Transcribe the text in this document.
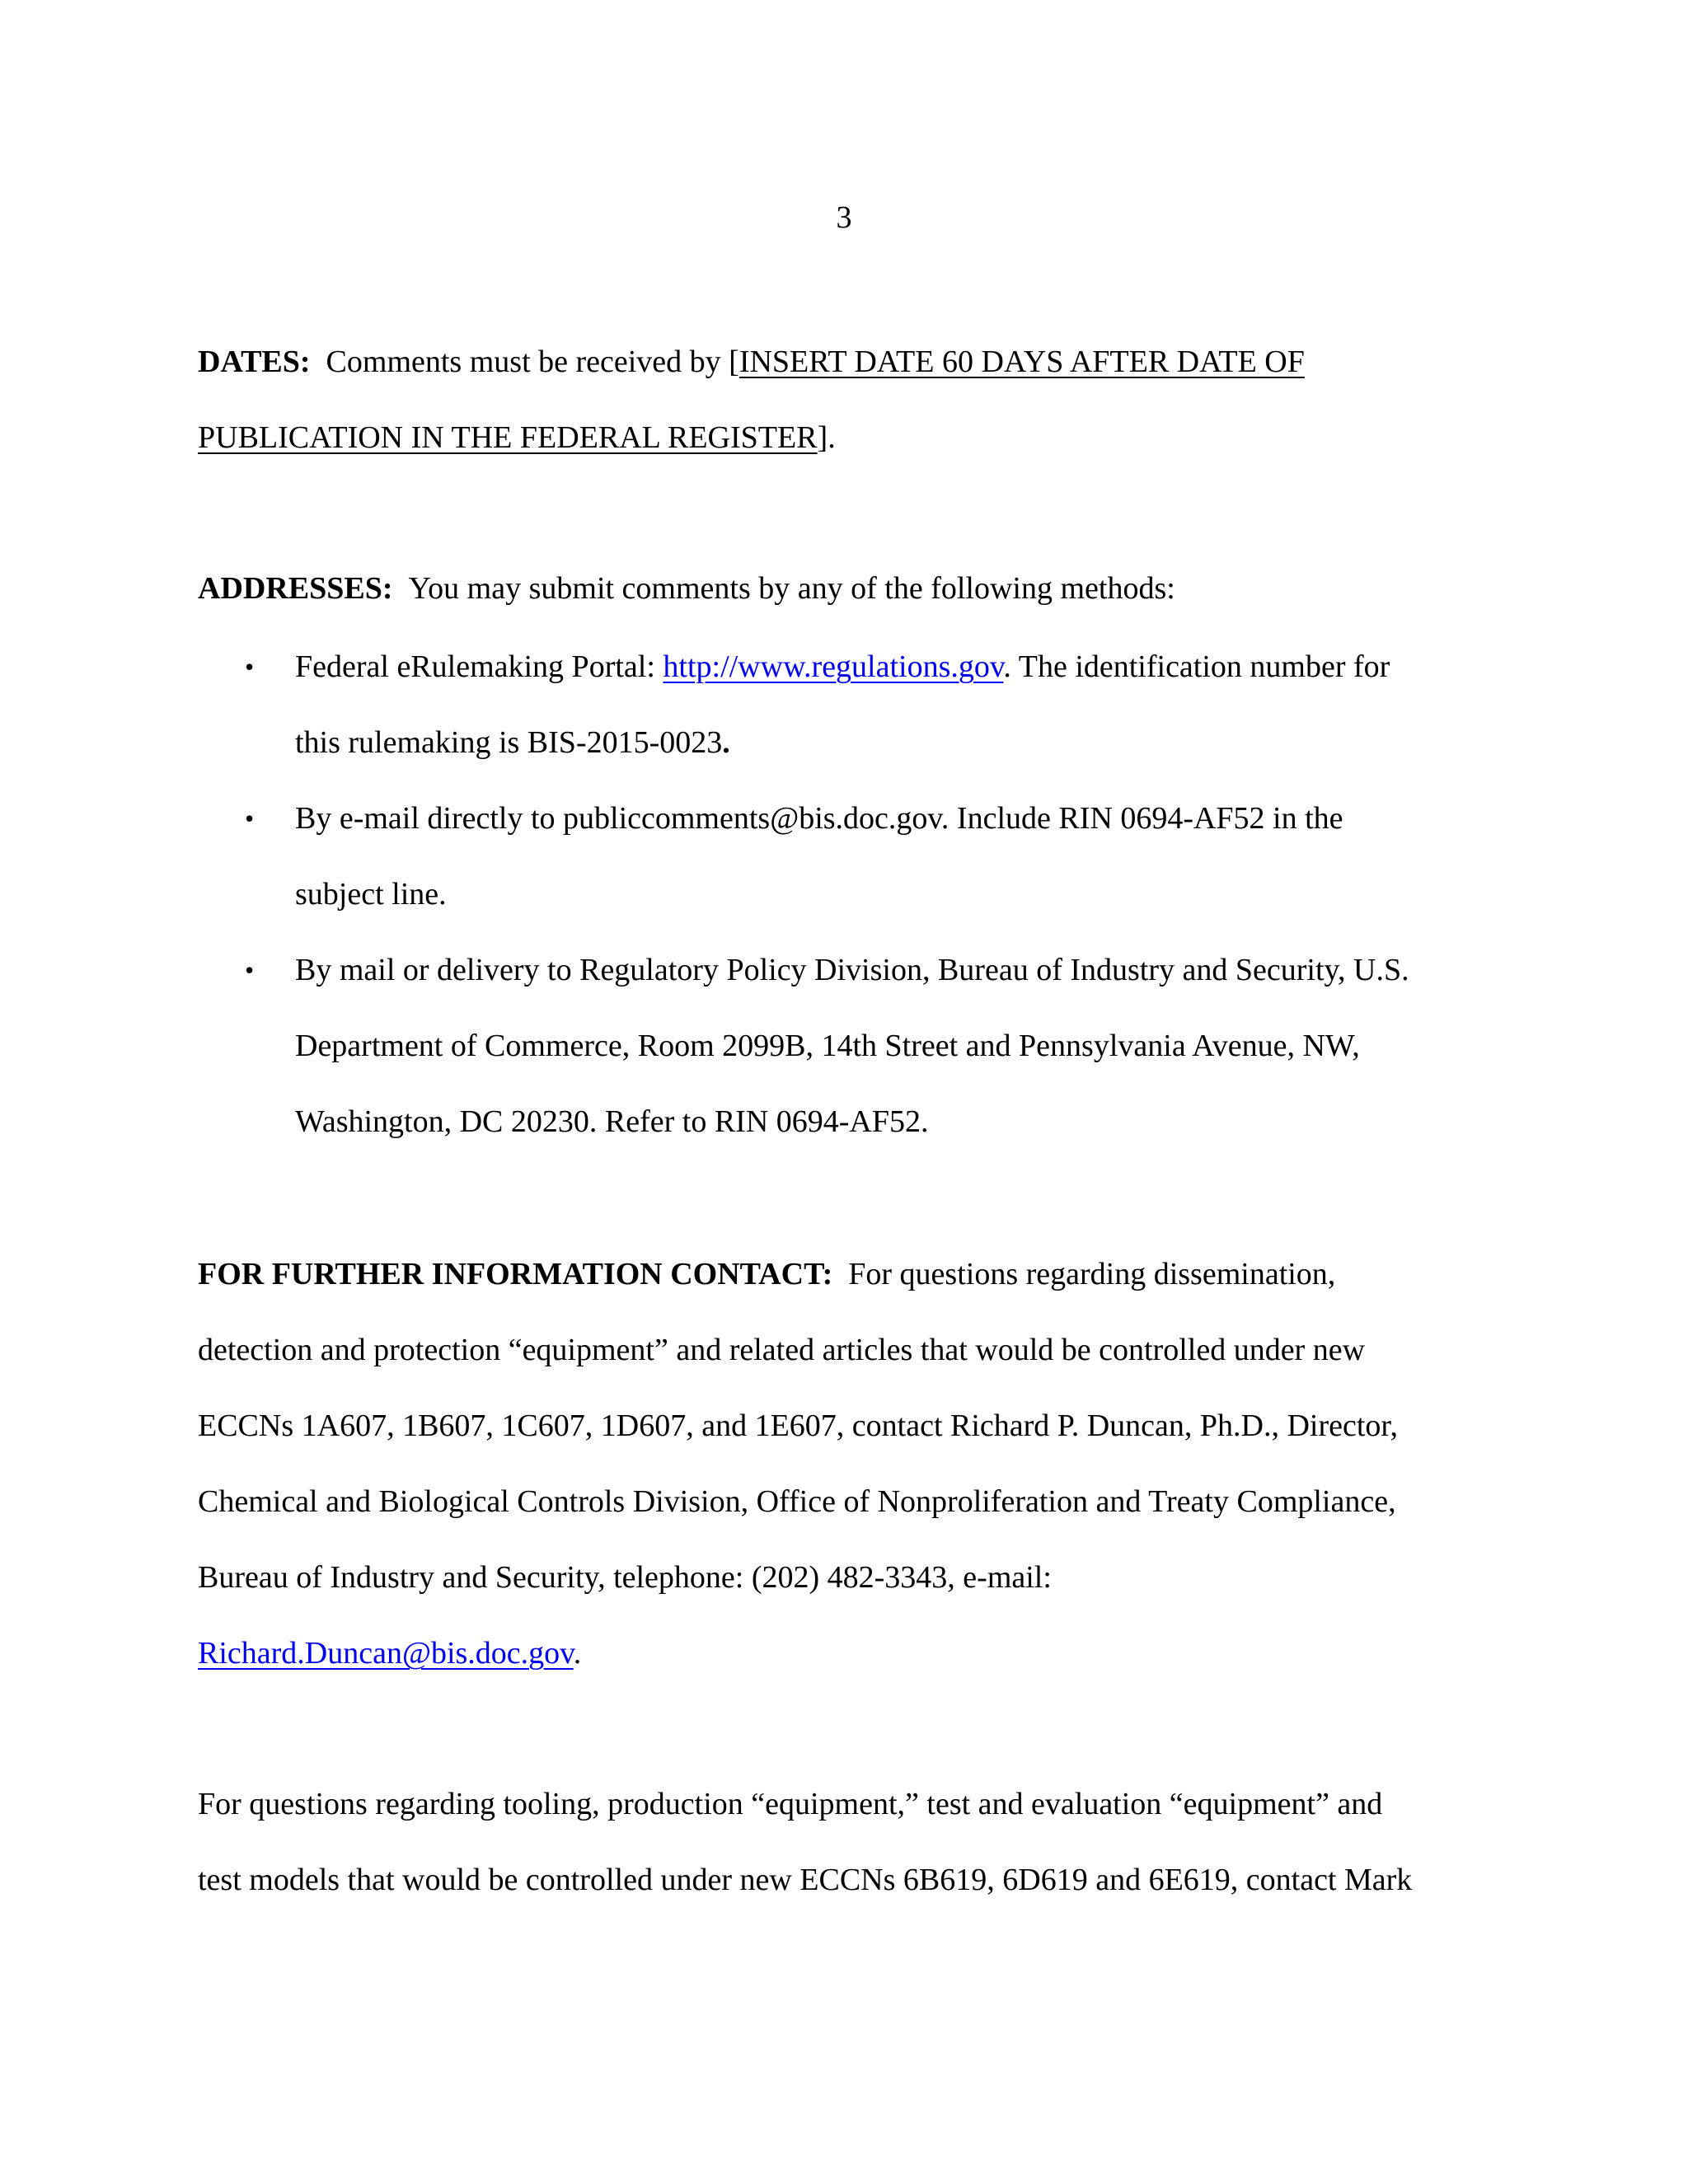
3

DATES: Comments must be received by [INSERT DATE 60 DAYS AFTER DATE OF

PUBLICATION IN THE FEDERAL REGISTER].

ADDRESSES: You may submit comments by any of the following methods:

•	Federal eRulemaking Portal: http://www.regulations.gov. The identification number for
this rulemaking is BIS-2015-0023.
•	By e-mail directly to publiccomments@bis.doc.gov. Include RIN 0694-AF52 in the
subject line.
•	By mail or delivery to Regulatory Policy Division, Bureau of Industry and Security, U.S.
Department of Commerce, Room 2099B, 14th Street and Pennsylvania Avenue, NW,
Washington, DC 20230. Refer to RIN 0694-AF52.

FOR FURTHER INFORMATION CONTACT: For questions regarding dissemination,

detection and protection “equipment” and related articles that would be controlled under new

ECCNs 1A607, 1B607, 1C607, 1D607, and 1E607, contact Richard P. Duncan, Ph.D., Director,

Chemical and Biological Controls Division, Office of Nonproliferation and Treaty Compliance,

Bureau of Industry and Security, telephone: (202) 482-3343, e-mail:

Richard.Duncan@bis.doc.gov.

For questions regarding tooling, production “equipment,” test and evaluation “equipment” and

test models that would be controlled under new ECCNs 6B619, 6D619 and 6E619, contact Mark
